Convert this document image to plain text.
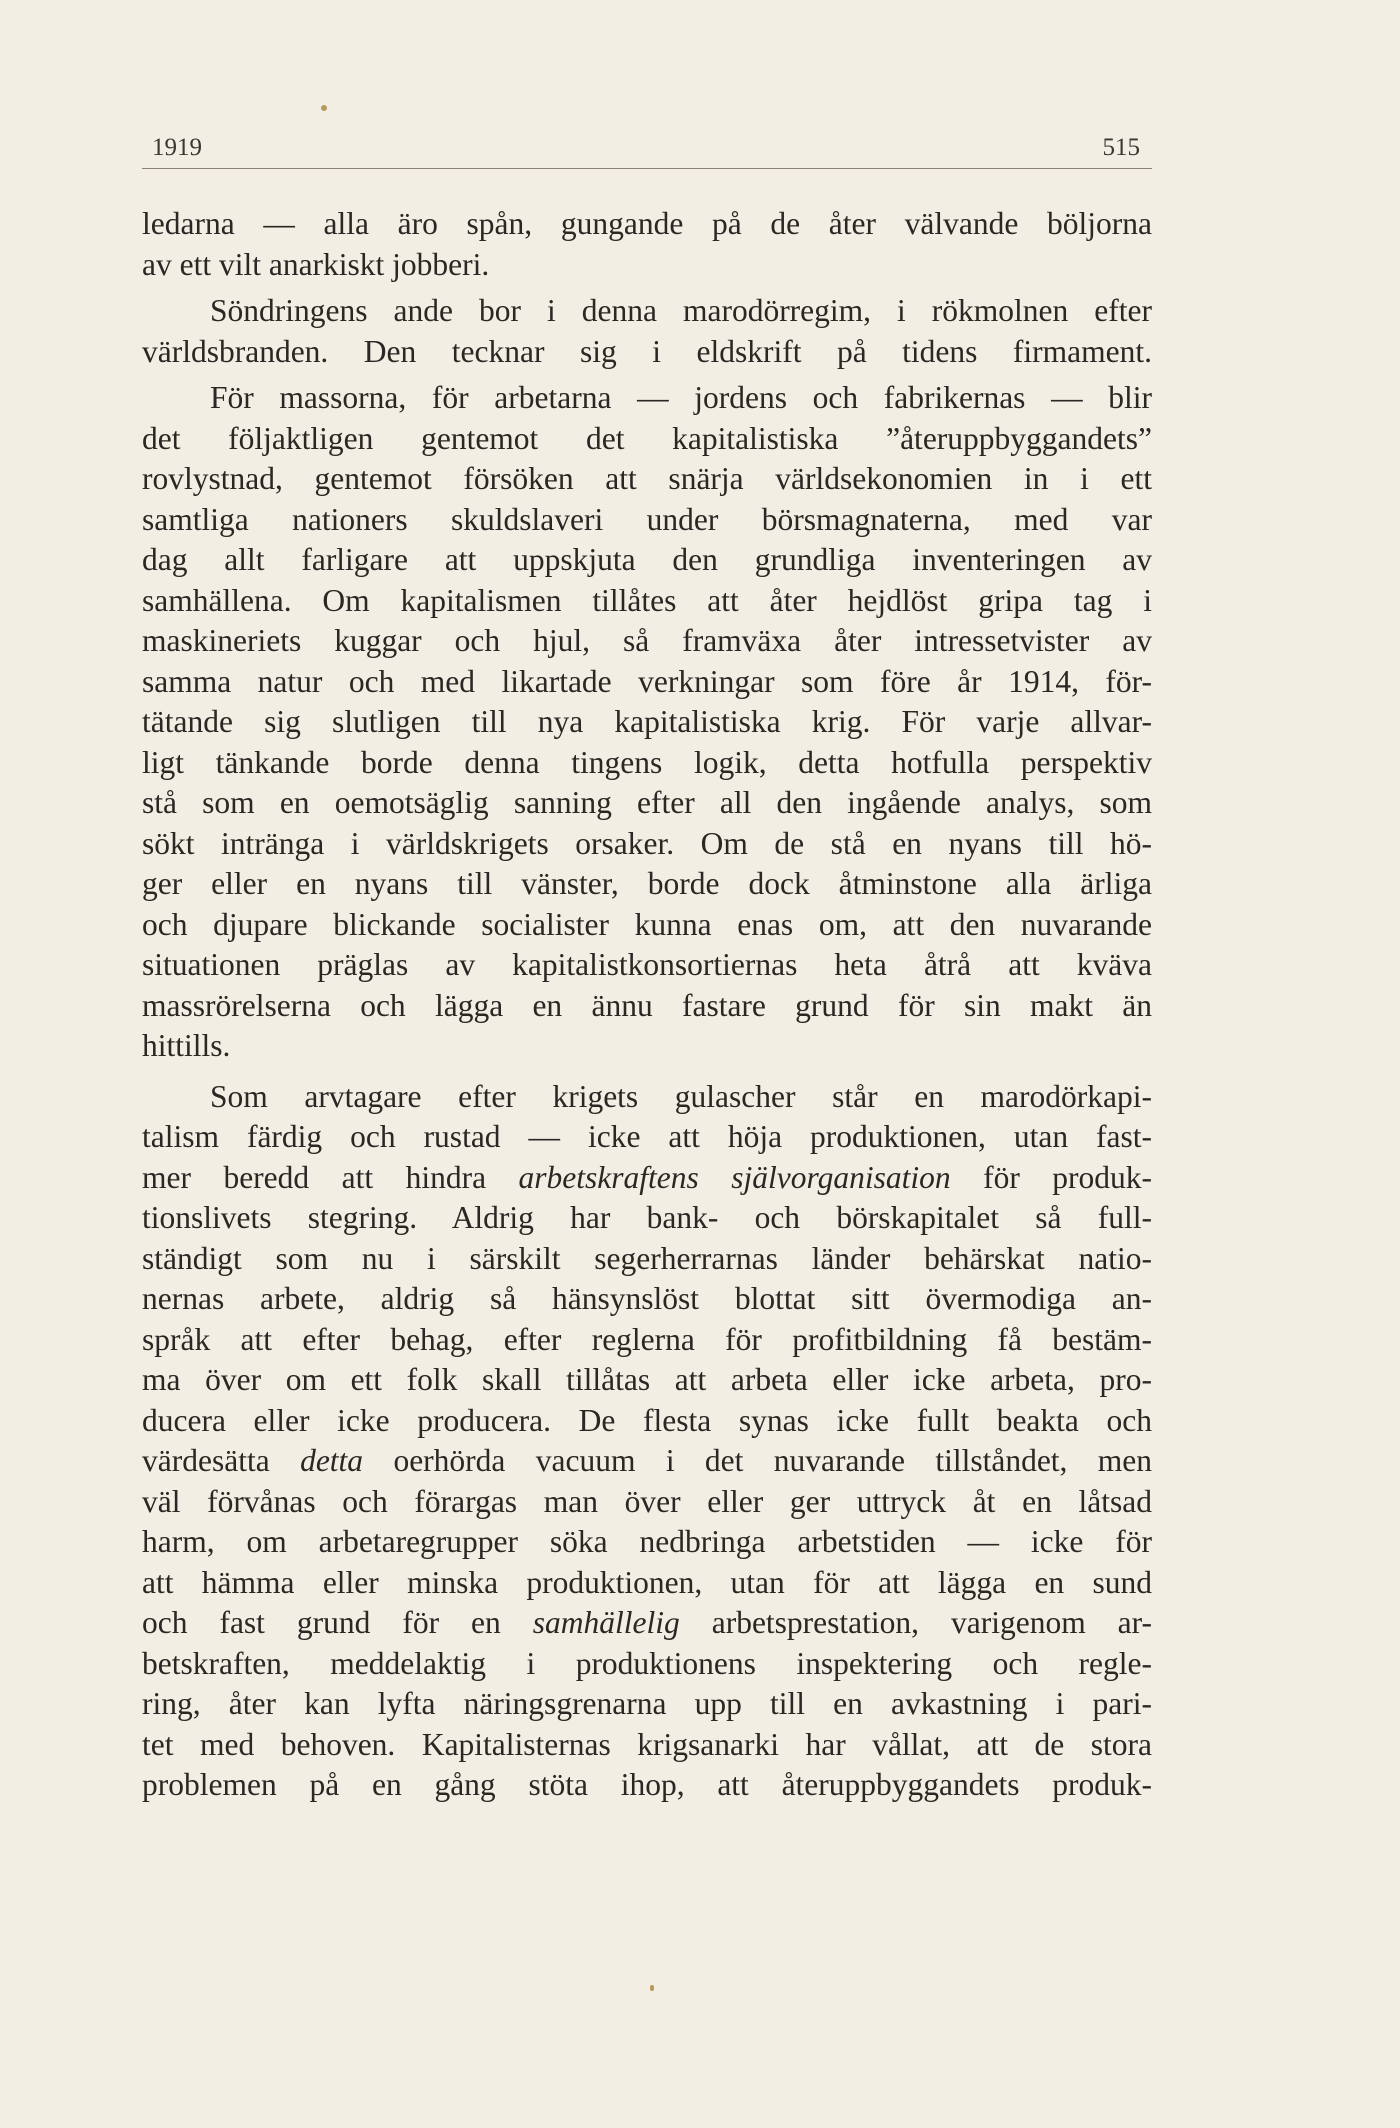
1919	515

ledarna — alla äro spån, gungande på de åter välvande böljorna
av ett vilt anarkiskt jobberi.

Söndringens ande bor i denna marodörregim, i rökmolnen efter
världsbranden. Den tecknar sig i eldskrift på tidens firmament.

För massorna, för arbetarna — jordens och fabrikernas — blir
det följaktligen gentemot det kapitalistiska ”återuppbyggandets”
rovlystnad, gentemot försöken att snärja världsekonomien in i ett
samtliga nationers skuldslaveri under börsmagnaterna, med var
dag allt farligare att uppskjuta den grundliga inventeringen av
samhällena. Om kapitalismen tillåtes att åter hejdlöst gripa tag i
maskineriets kuggar och hjul, så framväxa åter intressetvister av
samma natur och med likartade verkningar som före år 1914, för-
tätande sig slutligen till nya kapitalistiska krig. För varje allvar-
ligt tänkande borde denna tingens logik, detta hotfulla perspektiv
stå som en oemotsäglig sanning efter all den ingående analys, som
sökt intränga i världskrigets orsaker. Om de stå en nyans till hö-
ger eller en nyans till vänster, borde dock åtminstone alla ärliga
och djupare blickande socialister kunna enas om, att den nuvarande
situationen präglas av kapitalistkonsortiernas heta åtrå att kväva
massrörelserna och lägga en ännu fastare grund för sin makt än
hittills.

Som arvtagare efter krigets gulascher står en marodörkapi-
talism färdig och rustad — icke att höja produktionen, utan fast-
mer beredd att hindra arbetskraftens självorganisation för produk-
tionslivets stegring. Aldrig har bank- och börskapitalet så full-
ständigt som nu i särskilt segerherrarnas länder behärskat natio-
nernas arbete, aldrig så hänsynslöst blottat sitt övermodiga an-
språk att efter behag, efter reglerna för profitbildning få bestäm-
ma över om ett folk skall tillåtas att arbeta eller icke arbeta, pro-
ducera eller icke producera. De flesta synas icke fullt beakta och
värdesätta detta oerhörda vacuum i det nuvarande tillståndet, men
väl förvånas och förargas man över eller ger uttryck åt en låtsad
harm, om arbetaregrupper söka nedbringa arbetstiden — icke för
att hämma eller minska produktionen, utan för att lägga en sund
och fast grund för en samhällelig arbetsprestation, varigenom ar-
betskraften, meddelaktig i produktionens inspektering och regle-
ring, åter kan lyfta näringsgrenarna upp till en avkastning i pari-
tet med behoven. Kapitalisternas krigsanarki har vållat, att de stora
problemen på en gång stöta ihop, att återuppbyggandets produk-
